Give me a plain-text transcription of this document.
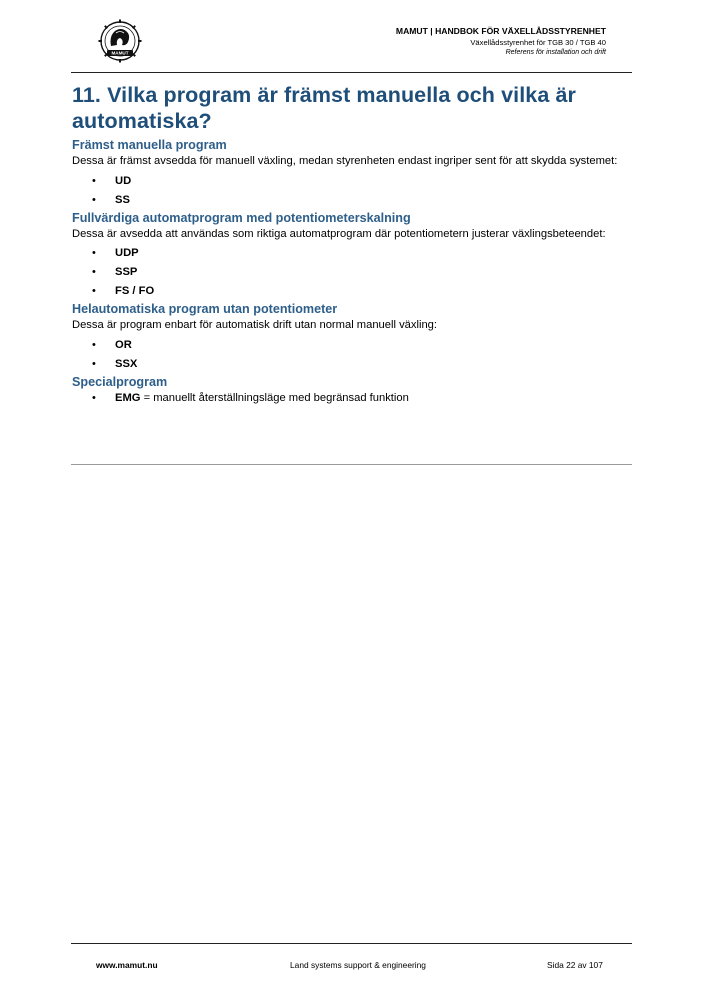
MAMUT
MAMUT | HANDBOK FÖR VÄXELLÅDSSTYRENHET
Växellådsstyrenhet för TGB 30 / TGB 40
Referens för installation och drift
11. Vilka program är främst manuella och vilka är automatiska?
Främst manuella program

Dessa är främst avsedda för manuell växling, medan styrenheten endast ingriper sent för att skydda systemet:

• UD
• SS
Fullvärdiga automatprogram med potentiometerskalning

Dessa är avsedda att användas som riktiga automatprogram där potentiometern justerar växlingsbeteendet:

• UDP
• SSP
• FS / FO
Helautomatiska program utan potentiometer

Dessa är program enbart för automatisk drift utan normal manuell växling:

• OR
• SSX
Specialprogram
• EMG = manuellt återställningsläge med begränsad funktion
www.mamut.nu	Land systems support & engineering	Sida 22 av 107
